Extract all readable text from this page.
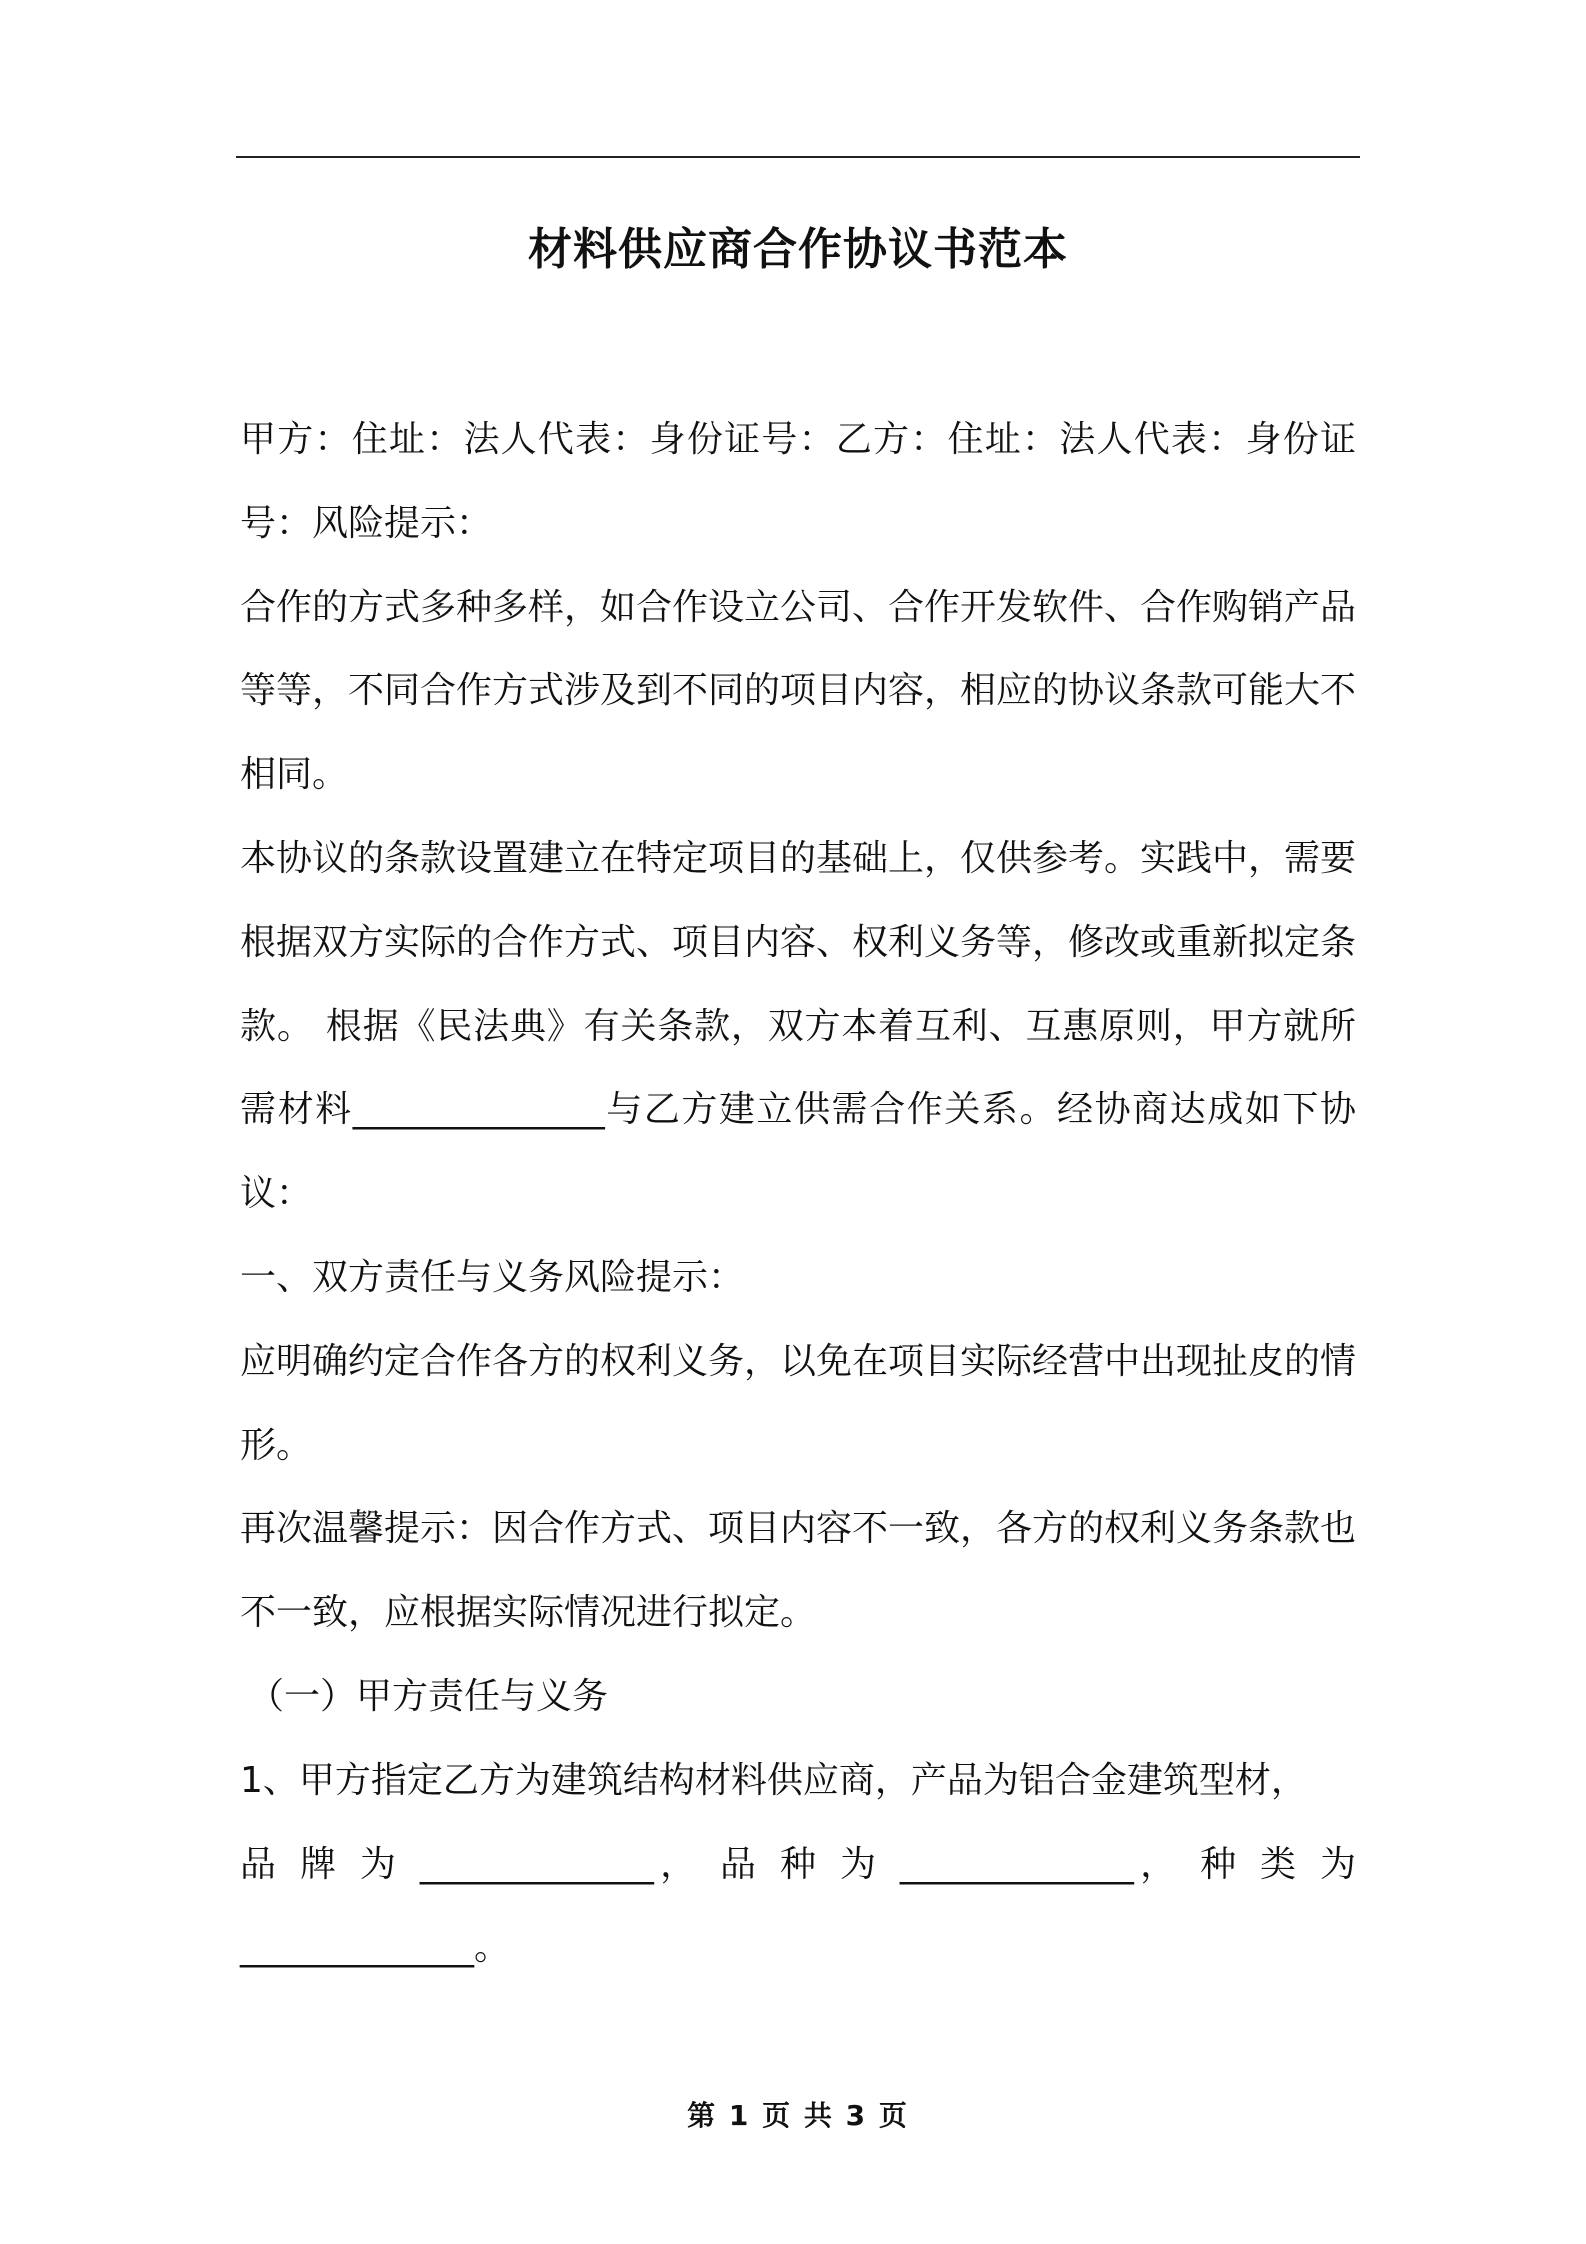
材料供应商合作协议书范本

甲方：住址：法人代表：身份证号：乙方：住址：法人代表：身份证号：风险提示：

合作的方式多种多样，如合作设立公司、合作开发软件、合作购销产品等等，不同合作方式涉及到不同的项目内容，相应的协议条款可能大不相同。

本协议的条款设置建立在特定项目的基础上，仅供参考。实践中，需要根据双方实际的合作方式、项目内容、权利义务等，修改或重新拟定条款。 根据《民法典》有关条款，双方本着互利、互惠原则，甲方就所需材料______________与乙方建立供需合作关系。经协商达成如下协议：

一、双方责任与义务风险提示：

应明确约定合作各方的权利义务，以免在项目实际经营中出现扯皮的情形。

再次温馨提示：因合作方式、项目内容不一致，各方的权利义务条款也不一致，应根据实际情况进行拟定。

（一）甲方责任与义务

1、甲方指定乙方为建筑结构材料供应商，产品为铝合金建筑型材，

品 牌 为 _____________， 品 种 为 _____________， 种 类 为

_____________。

第 1 页 共 3 页
